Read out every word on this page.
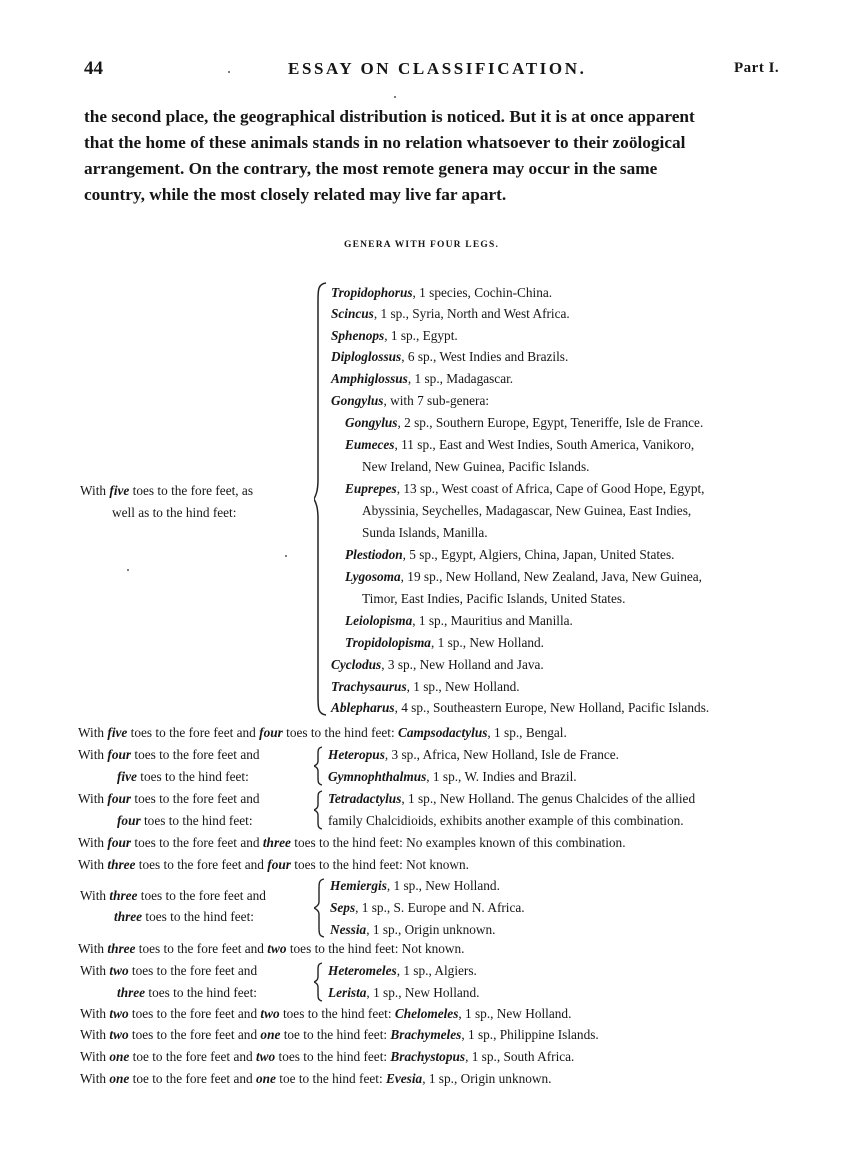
44	ESSAY ON CLASSIFICATION.	Part I.
the second place, the geographical distribution is noticed. But it is at once apparent
that the home of these animals stands in no relation whatsoever to their zoölogical
arrangement. On the contrary, the most remote genera may occur in the same
country, while the most closely related may live far apart.
GENERA WITH FOUR LEGS.
With five toes to the fore feet, as
well as to the hind feet:
Tropidophorus, 1 species, Cochin-China.
Scincus, 1 sp., Syria, North and West Africa.
Sphenops, 1 sp., Egypt.
Diploglossus, 6 sp., West Indies and Brazils.
Amphiglossus, 1 sp., Madagascar.
Gongylus, with 7 sub-genera:
Gongylus, 2 sp., Southern Europe, Egypt, Teneriffe, Isle de France.
Eumeces, 11 sp., East and West Indies, South America, Vanikoro,
New Ireland, New Guinea, Pacific Islands.
Euprepes, 13 sp., West coast of Africa, Cape of Good Hope, Egypt,
Abyssinia, Seychelles, Madagascar, New Guinea, East Indies,
Sunda Islands, Manilla.
Plestiodon, 5 sp., Egypt, Algiers, China, Japan, United States.
Lygosoma, 19 sp., New Holland, New Zealand, Java, New Guinea,
Timor, East Indies, Pacific Islands, United States.
Leiolopisma, 1 sp., Mauritius and Manilla.
Tropidolopisma, 1 sp., New Holland.
Cyclodus, 3 sp., New Holland and Java.
Trachysaurus, 1 sp., New Holland.
Ablepharus, 4 sp., Southeastern Europe, New Holland, Pacific Islands.
With five toes to the fore feet and four toes to the hind feet: Campsodactylus, 1 sp., Bengal.
With four toes to the fore feet and
five toes to the hind feet:
Heteropus, 3 sp., Africa, New Holland, Isle de France.
Gymnophthalmus, 1 sp., W. Indies and Brazil.
With four toes to the fore feet and
four toes to the hind feet:
Tetradactylus, 1 sp., New Holland. The genus Chalcides of the allied
family Chalcidioids, exhibits another example of this combination.
With four toes to the fore feet and three toes to the hind feet: No examples known of this combination.
With three toes to the fore feet and four toes to the hind feet: Not known.
With three toes to the fore feet and
three toes to the hind feet:
Hemiergis, 1 sp., New Holland.
Seps, 1 sp., S. Europe and N. Africa.
Nessia, 1 sp., Origin unknown.
With three toes to the fore feet and two toes to the hind feet: Not known.
With two toes to the fore feet and
three toes to the hind feet:
Heteromeles, 1 sp., Algiers.
Lerista, 1 sp., New Holland.
With two toes to the fore feet and two toes to the hind feet: Chelomeles, 1 sp., New Holland.
With two toes to the fore feet and one toe to the hind feet: Brachymeles, 1 sp., Philippine Islands.
With one toe to the fore feet and two toes to the hind feet: Brachystopus, 1 sp., South Africa.
With one toe to the fore feet and one toe to the hind feet: Evesia, 1 sp., Origin unknown.
